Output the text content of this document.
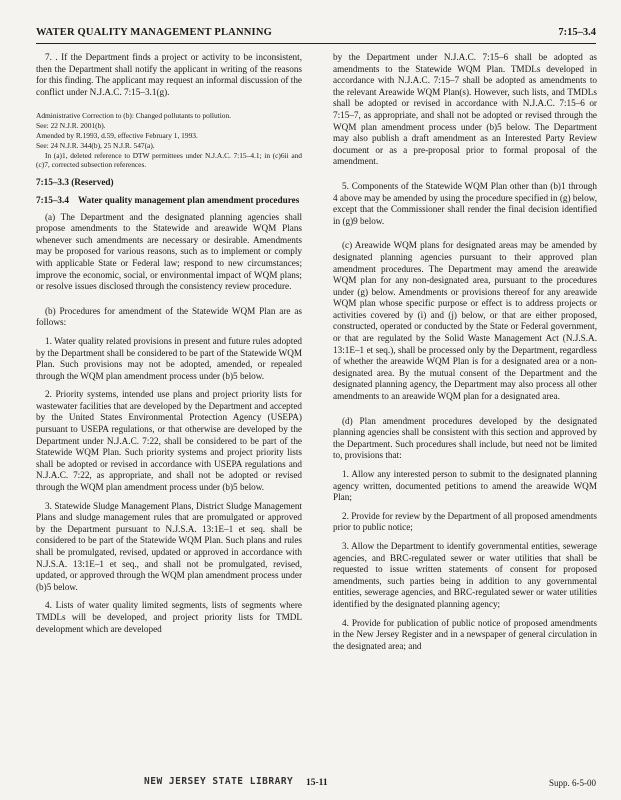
WATER QUALITY MANAGEMENT PLANNING	7:15–3.4

7. . If the Department finds a project or activity to be inconsistent, then the Department shall notify the applicant in writing of the reasons for this finding. The applicant may request an informal discussion of the conflict under N.J.A.C. 7:15–3.1(g).

Administrative Correction to (b): Changed pollutants to pollution.

See: 22 N.J.R. 2001(b).

Amended by R.1993, d.59, effective February 1, 1993.

See: 24 N.J.R. 344(b), 25 N.J.R. 547(a).

In (a)1, deleted reference to DTW permittees under N.J.A.C. 7:15–4.1; in (c)6ii and (c)7, corrected subsection references.

7:15–3.3 (Reserved)

7:15–3.4 Water quality management plan amendment procedures

(a) The Department and the designated planning agencies shall propose amendments to the Statewide and areawide WQM Plans whenever such amendments are necessary or desirable. Amendments may be proposed for various reasons, such as to implement or comply with applicable State or Federal law; respond to new circumstances; improve the economic, social, or environmental impact of WQM plans; or resolve issues disclosed through the consistency review procedure.

(b) Procedures for amendment of the Statewide WQM Plan are as follows:

1. Water quality related provisions in present and future rules adopted by the Department shall be considered to be part of the Statewide WQM Plan. Such provisions may not be adopted, amended, or repealed through the WQM plan amendment process under (b)5 below.

2. Priority systems, intended use plans and project priority lists for wastewater facilities that are developed by the Department and accepted by the United States Environmental Protection Agency (USEPA) pursuant to USEPA regulations, or that otherwise are developed by the Department under N.J.A.C. 7:22, shall be considered to be part of the Statewide WQM Plan. Such priority systems and project priority lists shall be adopted or revised in accordance with USEPA regulations and N.J.A.C. 7:22, as appropriate, and shall not be adopted or revised through the WQM plan amendment process under (b)5 below.

3. Statewide Sludge Management Plans, District Sludge Management Plans and sludge management rules that are promulgated or approved by the Department pursuant to N.J.S.A. 13:1E–1 et seq. shall be considered to be part of the Statewide WQM Plan. Such plans and rules shall be promulgated, revised, updated or approved in accordance with N.J.S.A. 13:1E–1 et seq., and shall not be promulgated, revised, updated, or approved through the WQM plan amendment process under (b)5 below.

4. Lists of water quality limited segments, lists of segments where TMDLs will be developed, and project priority lists for TMDL development which are developed

by the Department under N.J.A.C. 7:15–6 shall be adopted as amendments to the Statewide WQM Plan. TMDLs developed in accordance with N.J.A.C. 7:15–7 shall be adopted as amendments to the relevant Areawide WQM Plan(s). However, such lists, and TMDLs shall be adopted or revised in accordance with N.J.A.C. 7:15–6 or 7:15–7, as appropriate, and shall not be adopted or revised through the WQM plan amendment process under (b)5 below. The Department may also publish a draft amendment as an Interested Party Review document or as a pre-proposal prior to formal proposal of the amendment.

5. Components of the Statewide WQM Plan other than (b)1 through 4 above may be amended by using the procedure specified in (g) below, except that the Commissioner shall render the final decision identified in (g)9 below.

(c) Areawide WQM plans for designated areas may be amended by designated planning agencies pursuant to their approved plan amendment procedures. The Department may amend the areawide WQM plan for any non-designated area, pursuant to the procedures under (g) below. Amendments or provisions thereof for any areawide WQM plan whose specific purpose or effect is to address projects or activities covered by (i) and (j) below, or that are either proposed, constructed, operated or conducted by the State or Federal government, or that are regulated by the Solid Waste Management Act (N.J.S.A. 13:1E–1 et seq.), shall be processed only by the Department, regardless of whether the areawide WQM Plan is for a designated area or a non-designated area. By the mutual consent of the Department and the designated planning agency, the Department may also process all other amendments to an areawide WQM plan for a designated area.

(d) Plan amendment procedures developed by the designated planning agencies shall be consistent with this section and approved by the Department. Such procedures shall include, but need not be limited to, provisions that:

1. Allow any interested person to submit to the designated planning agency written, documented petitions to amend the areawide WQM Plan;

2. Provide for review by the Department of all proposed amendments prior to public notice;

3. Allow the Department to identify governmental entities, sewerage agencies, and BRC-regulated sewer or water utilities that shall be requested to issue written statements of consent for proposed amendments, such parties being in addition to any governmental entities, sewerage agencies, and BRC-regulated sewer or water utilities identified by the designated planning agency;

4. Provide for publication of public notice of proposed amendments in the New Jersey Register and in a newspaper of general circulation in the designated area; and

NEW JERSEY STATE LIBRARY 15-11	Supp. 6-5-00
